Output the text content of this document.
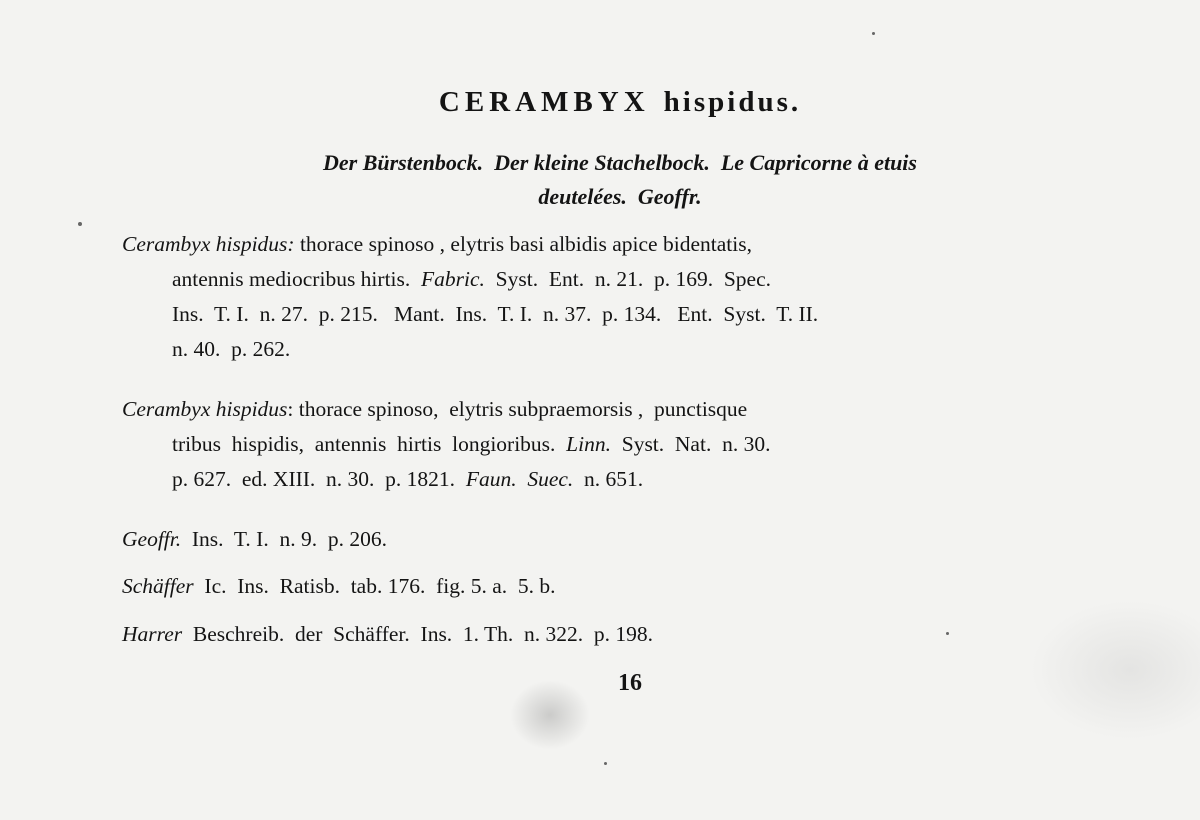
CERAMBYX hispidus.
Der Bürstenbock.  Der kleine Stachelbock.  Le Capricorne à etuis
deutelées.  Geoffr.
Cerambyx hispidus: thorace spinoso , elytris basi albidis apice bidentatis,
antennis mediocribus hirtis.  Fabric.  Syst.  Ent.  n. 21.  p. 169.  Spec.
Ins.  T. I.  n. 27.  p. 215.   Mant.  Ins.  T. I.  n. 37.  p. 134.   Ent.  Syst.  T. II.
n. 40.  p. 262.
Cerambyx hispidus: thorace spinoso,  elytris subpraemorsis ,  punctisque
tribus  hispidis,  antennis  hirtis  longioribus.  Linn.  Syst.  Nat.  n. 30.
p. 627.  ed. XIII.  n. 30.  p. 1821.  Faun.  Suec.  n. 651.
Geoffr.  Ins.  T. I.  n. 9.  p. 206.
Schäffer  Ic.  Ins.  Ratisb.  tab. 176.  fig. 5. a.  5. b.
Harrer  Beschreib.  der  Schäffer.  Ins.  1. Th.  n. 322.  p. 198.
16
